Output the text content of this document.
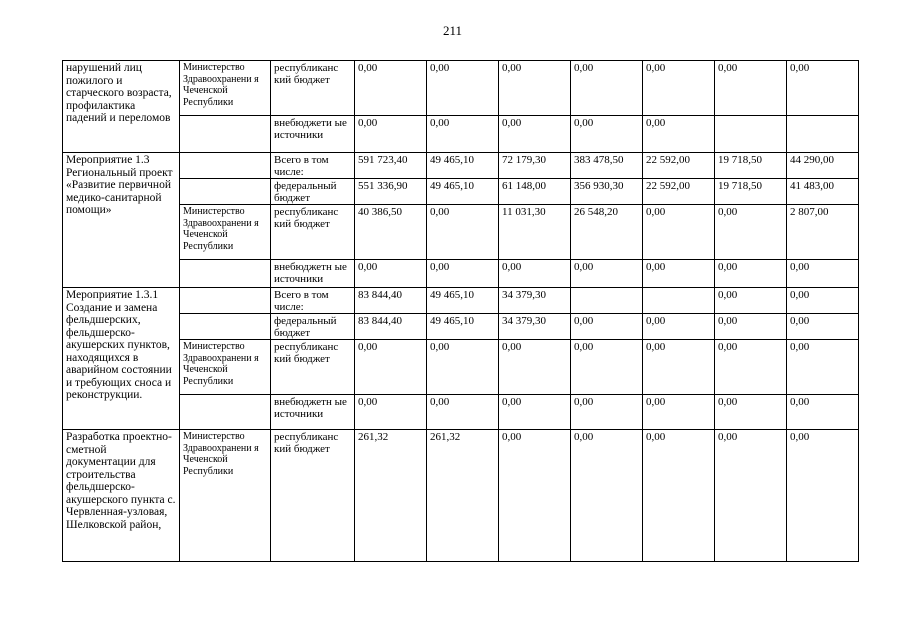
211
нарушений лиц пожилого и старческого возраста, профилактика падений и переломов	Министерство Здравоохранени я Чеченской Республики	республиканс кий бюджет	0,00	0,00	0,00	0,00	0,00	0,00	0,00
		внебюджети ые источники	0,00	0,00	0,00	0,00	0,00		
Мероприятие 1.3 Региональный проект «Развитие первичной медико-санитарной помощи»		Всего в том числе:	591 723,40	49 465,10	72 179,30	383 478,50	22 592,00	19 718,50	44 290,00
		федеральный бюджет	551 336,90	49 465,10	61 148,00	356 930,30	22 592,00	19 718,50	41 483,00
	Министерство Здравоохранени я Чеченской Республики	республиканс кий бюджет	40 386,50	0,00	11 031,30	26 548,20	0,00	0,00	2 807,00
		внебюджетн ые источники	0,00	0,00	0,00	0,00	0,00	0,00	0,00
Мероприятие 1.3.1 Создание и замена фельдшерских, фельдшерско-акушерских пунктов, находящихся в аварийном состоянии и требующих сноса и реконструкции.		Всего в том числе:	83 844,40	49 465,10	34 379,30			0,00	0,00
		федеральный бюджет	83 844,40	49 465,10	34 379,30	0,00	0,00	0,00	0,00
	Министерство Здравоохранени я Чеченской Республики	республиканс кий бюджет	0,00	0,00	0,00	0,00	0,00	0,00	0,00
		внебюджетн ые источники	0,00	0,00	0,00	0,00	0,00	0,00	0,00
Разработка проектно-сметной документации для строительства фельдшерско-акушерского пункта с. Червленная-узловая, Шелковской район,	Министерство Здравоохранени я Чеченской Республики	республиканс кий бюджет	261,32	261,32	0,00	0,00	0,00	0,00	0,00
